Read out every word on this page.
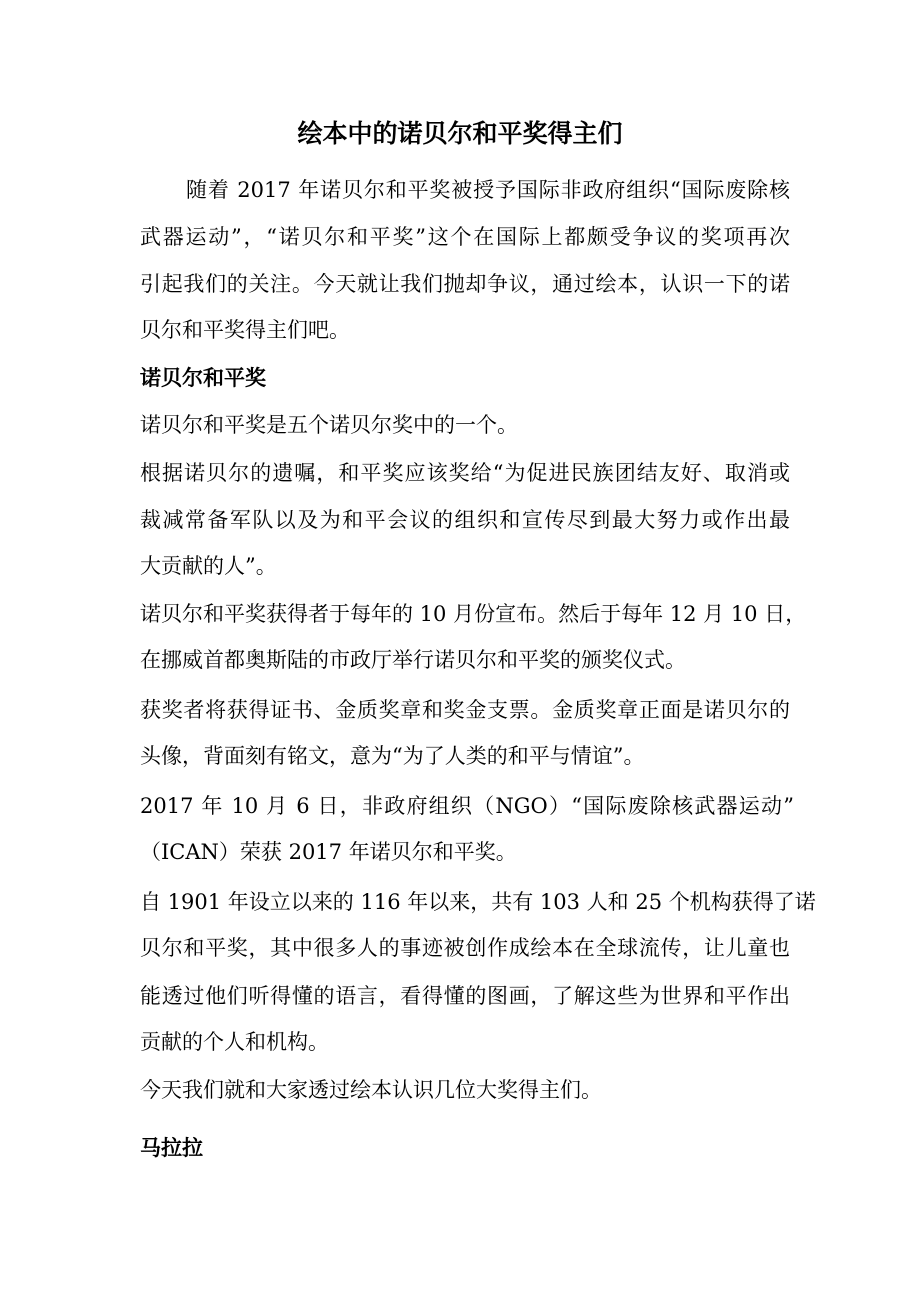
绘本中的诺贝尔和平奖得主们
随着 2017 年诺贝尔和平奖被授予国际非政府组织“国际废除核
武器运动”，“诺贝尔和平奖”这个在国际上都颇受争议的奖项再次
引起我们的关注。今天就让我们抛却争议，通过绘本，认识一下的诺
贝尔和平奖得主们吧。
诺贝尔和平奖
诺贝尔和平奖是五个诺贝尔奖中的一个。
根据诺贝尔的遗嘱，和平奖应该奖给“为促进民族团结友好、取消或
裁减常备军队以及为和平会议的组织和宣传尽到最大努力或作出最
大贡献的人”。
诺贝尔和平奖获得者于每年的 10 月份宣布。然后于每年 12 月 10 日，
在挪威首都奥斯陆的市政厅举行诺贝尔和平奖的颁奖仪式。
获奖者将获得证书、金质奖章和奖金支票。金质奖章正面是诺贝尔的
头像，背面刻有铭文，意为“为了人类的和平与情谊”。
2017 年 10 月 6 日，非政府组织（NGO）“国际废除核武器运动”
（ICAN）荣获 2017 年诺贝尔和平奖。
自 1901 年设立以来的 116 年以来，共有 103 人和 25 个机构获得了诺
贝尔和平奖，其中很多人的事迹被创作成绘本在全球流传，让儿童也
能透过他们听得懂的语言，看得懂的图画，了解这些为世界和平作出
贡献的个人和机构。
今天我们就和大家透过绘本认识几位大奖得主们。
马拉拉
